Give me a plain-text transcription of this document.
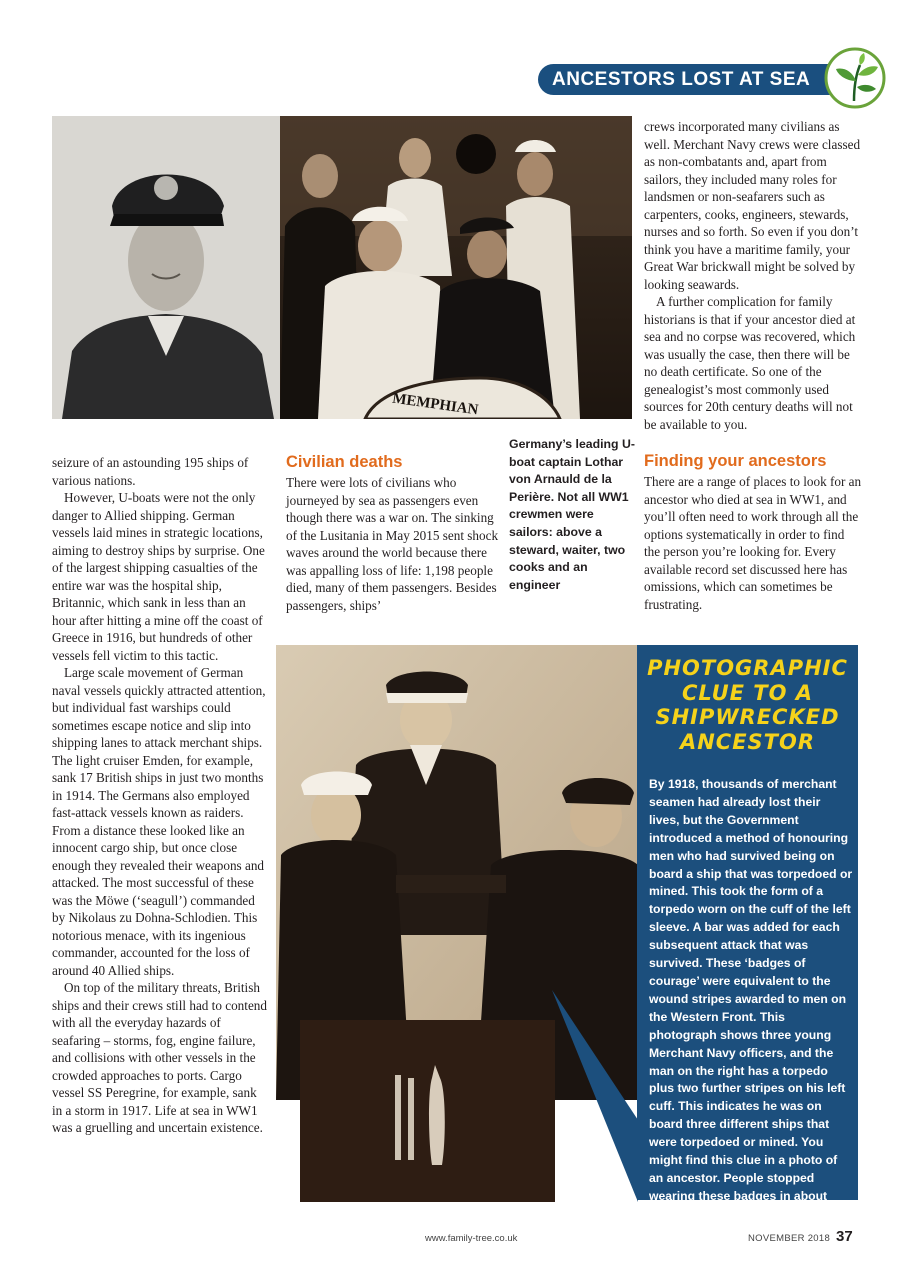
ANCESTORS LOST AT SEA
MEMPHIAN

seizure of an astounding 195 ships of various nations.

However, U-boats were not the only danger to Allied shipping. German vessels laid mines in strategic locations, aiming to destroy ships by surprise. One of the largest shipping casualties of the entire war was the hospital ship, Britannic, which sank in less than an hour after hitting a mine off the coast of Greece in 1916, but hundreds of other vessels fell victim to this tactic.

Large scale movement of German naval vessels quickly attracted attention, but individual fast warships could sometimes escape notice and slip into shipping lanes to attack merchant ships. The light cruiser Emden, for example, sank 17 British ships in just two months in 1914. The Germans also employed fast-attack vessels known as raiders. From a distance these looked like an innocent cargo ship, but once close enough they revealed their weapons and attacked. The most successful of these was the Möwe (‘seagull’) commanded by Nikolaus zu Dohna-Schlodien. This notorious menace, with its ingenious commander, accounted for the loss of around 40 Allied ships.

On top of the military threats, British ships and their crews still had to contend with all the everyday hazards of seafaring – storms, fog, engine failure, and collisions with other vessels in the crowded approaches to ports. Cargo vessel SS Peregrine, for example, sank in a storm in 1917. Life at sea in WW1 was a gruelling and uncertain existence.

Civilian deaths

There were lots of civilians who journeyed by sea as passengers even though there was a war on. The sinking of the Lusitania in May 2015 sent shock waves around the world because there was appalling loss of life: 1,198 people died, many of them passengers. Besides passengers, ships’

Germany’s leading U-boat captain Lothar von Arnauld de la Perière. Not all WW1 crewmen were sailors: above a steward, waiter, two cooks and an engineer

crews incorporated many civilians as well. Merchant Navy crews were classed as non-combatants and, apart from sailors, they included many roles for landsmen or non-seafarers such as carpenters, cooks, engineers, stewards, nurses and so forth. So even if you don’t think you have a maritime family, your Great War brickwall might be solved by looking seawards.

A further complication for family historians is that if your ancestor died at sea and no corpse was recovered, which was usually the case, then there will be no death certificate. So one of the genealogist’s most commonly used sources for 20th century deaths will not be available to you.

Finding your ancestors

There are a range of places to look for an ancestor who died at sea in WW1, and you’ll often need to work through all the options systematically in order to find the person you’re looking for. Every available record set discussed here has omissions, which can sometimes be frustrating.

PHOTOGRAPHIC CLUE TO A SHIPWRECKED ANCESTOR
By 1918, thousands of merchant seamen had already lost their lives, but the Government introduced a method of honouring men who had survived being on board a ship that was torpedoed or mined. This took the form of a torpedo worn on the cuff of the left sleeve. A bar was added for each subsequent attack that was survived. These ‘badges of courage’ were equivalent to the wound stripes awarded to men on the Western Front. This photograph shows three young Merchant Navy officers, and the man on the right has a torpedo plus two further stripes on his left cuff. This indicates he was on board three different ships that were torpedoed or mined. You might find this clue in a photo of an ancestor. People stopped wearing these badges in about 1922
www.family-tree.co.uk	NOVEMBER 2018 37
